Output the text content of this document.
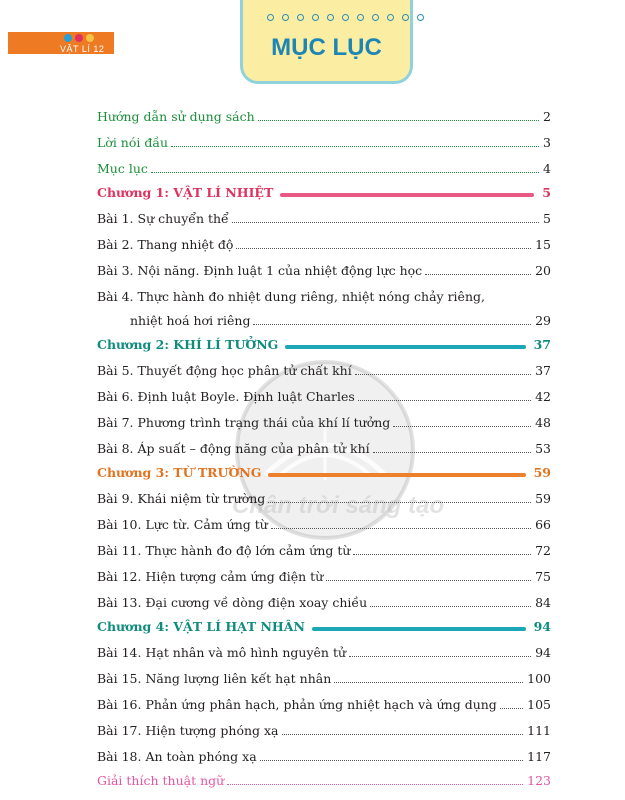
VẬT LÍ 12	MỤC LỤC
Chân trời sáng tạo
Hướng dẫn sử dụng sách	2
Lời nói đầu	3
Mục lục	4
Chương 1: VẬT LÍ NHIỆT	5
Bài 1. Sự chuyển thể	5
Bài 2. Thang nhiệt độ	15
Bài 3. Nội năng. Định luật 1 của nhiệt động lực học	20
Bài 4. Thực hành đo nhiệt dung riêng, nhiệt nóng chảy riêng,
nhiệt hoá hơi riêng	29
Chương 2: KHÍ LÍ TƯỞNG	37
Bài 5. Thuyết động học phân tử chất khí	37
Bài 6. Định luật Boyle. Định luật Charles	42
Bài 7. Phương trình trạng thái của khí lí tưởng	48
Bài 8. Áp suất – động năng của phân tử khí	53
Chương 3: TỪ TRƯỜNG	59
Bài 9. Khái niệm từ trường	59
Bài 10. Lực từ. Cảm ứng từ	66
Bài 11. Thực hành đo độ lớn cảm ứng từ	72
Bài 12. Hiện tượng cảm ứng điện từ	75
Bài 13. Đại cương về dòng điện xoay chiều	84
Chương 4: VẬT LÍ HẠT NHÂN	94
Bài 14. Hạt nhân và mô hình nguyên tử	94
Bài 15. Năng lượng liên kết hạt nhân	100
Bài 16. Phản ứng phân hạch, phản ứng nhiệt hạch và ứng dụng	105
Bài 17. Hiện tượng phóng xạ	111
Bài 18. An toàn phóng xạ	117
Giải thích thuật ngữ	123
